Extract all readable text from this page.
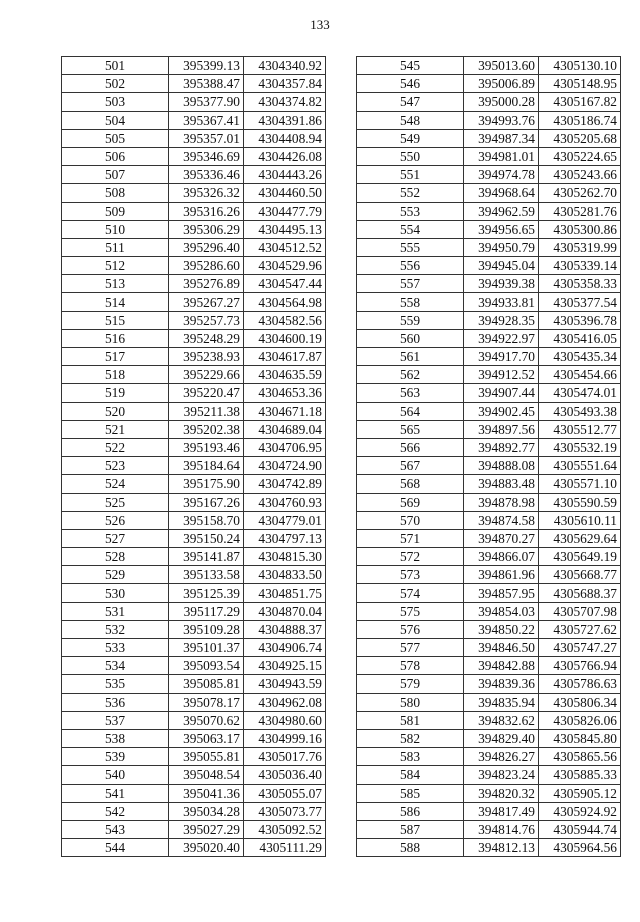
133
501	395399.13	4304340.92
502	395388.47	4304357.84
503	395377.90	4304374.82
504	395367.41	4304391.86
505	395357.01	4304408.94
506	395346.69	4304426.08
507	395336.46	4304443.26
508	395326.32	4304460.50
509	395316.26	4304477.79
510	395306.29	4304495.13
511	395296.40	4304512.52
512	395286.60	4304529.96
513	395276.89	4304547.44
514	395267.27	4304564.98
515	395257.73	4304582.56
516	395248.29	4304600.19
517	395238.93	4304617.87
518	395229.66	4304635.59
519	395220.47	4304653.36
520	395211.38	4304671.18
521	395202.38	4304689.04
522	395193.46	4304706.95
523	395184.64	4304724.90
524	395175.90	4304742.89
525	395167.26	4304760.93
526	395158.70	4304779.01
527	395150.24	4304797.13
528	395141.87	4304815.30
529	395133.58	4304833.50
530	395125.39	4304851.75
531	395117.29	4304870.04
532	395109.28	4304888.37
533	395101.37	4304906.74
534	395093.54	4304925.15
535	395085.81	4304943.59
536	395078.17	4304962.08
537	395070.62	4304980.60
538	395063.17	4304999.16
539	395055.81	4305017.76
540	395048.54	4305036.40
541	395041.36	4305055.07
542	395034.28	4305073.77
543	395027.29	4305092.52
544	395020.40	4305111.29
545	395013.60	4305130.10
546	395006.89	4305148.95
547	395000.28	4305167.82
548	394993.76	4305186.74
549	394987.34	4305205.68
550	394981.01	4305224.65
551	394974.78	4305243.66
552	394968.64	4305262.70
553	394962.59	4305281.76
554	394956.65	4305300.86
555	394950.79	4305319.99
556	394945.04	4305339.14
557	394939.38	4305358.33
558	394933.81	4305377.54
559	394928.35	4305396.78
560	394922.97	4305416.05
561	394917.70	4305435.34
562	394912.52	4305454.66
563	394907.44	4305474.01
564	394902.45	4305493.38
565	394897.56	4305512.77
566	394892.77	4305532.19
567	394888.08	4305551.64
568	394883.48	4305571.10
569	394878.98	4305590.59
570	394874.58	4305610.11
571	394870.27	4305629.64
572	394866.07	4305649.19
573	394861.96	4305668.77
574	394857.95	4305688.37
575	394854.03	4305707.98
576	394850.22	4305727.62
577	394846.50	4305747.27
578	394842.88	4305766.94
579	394839.36	4305786.63
580	394835.94	4305806.34
581	394832.62	4305826.06
582	394829.40	4305845.80
583	394826.27	4305865.56
584	394823.24	4305885.33
585	394820.32	4305905.12
586	394817.49	4305924.92
587	394814.76	4305944.74
588	394812.13	4305964.56
